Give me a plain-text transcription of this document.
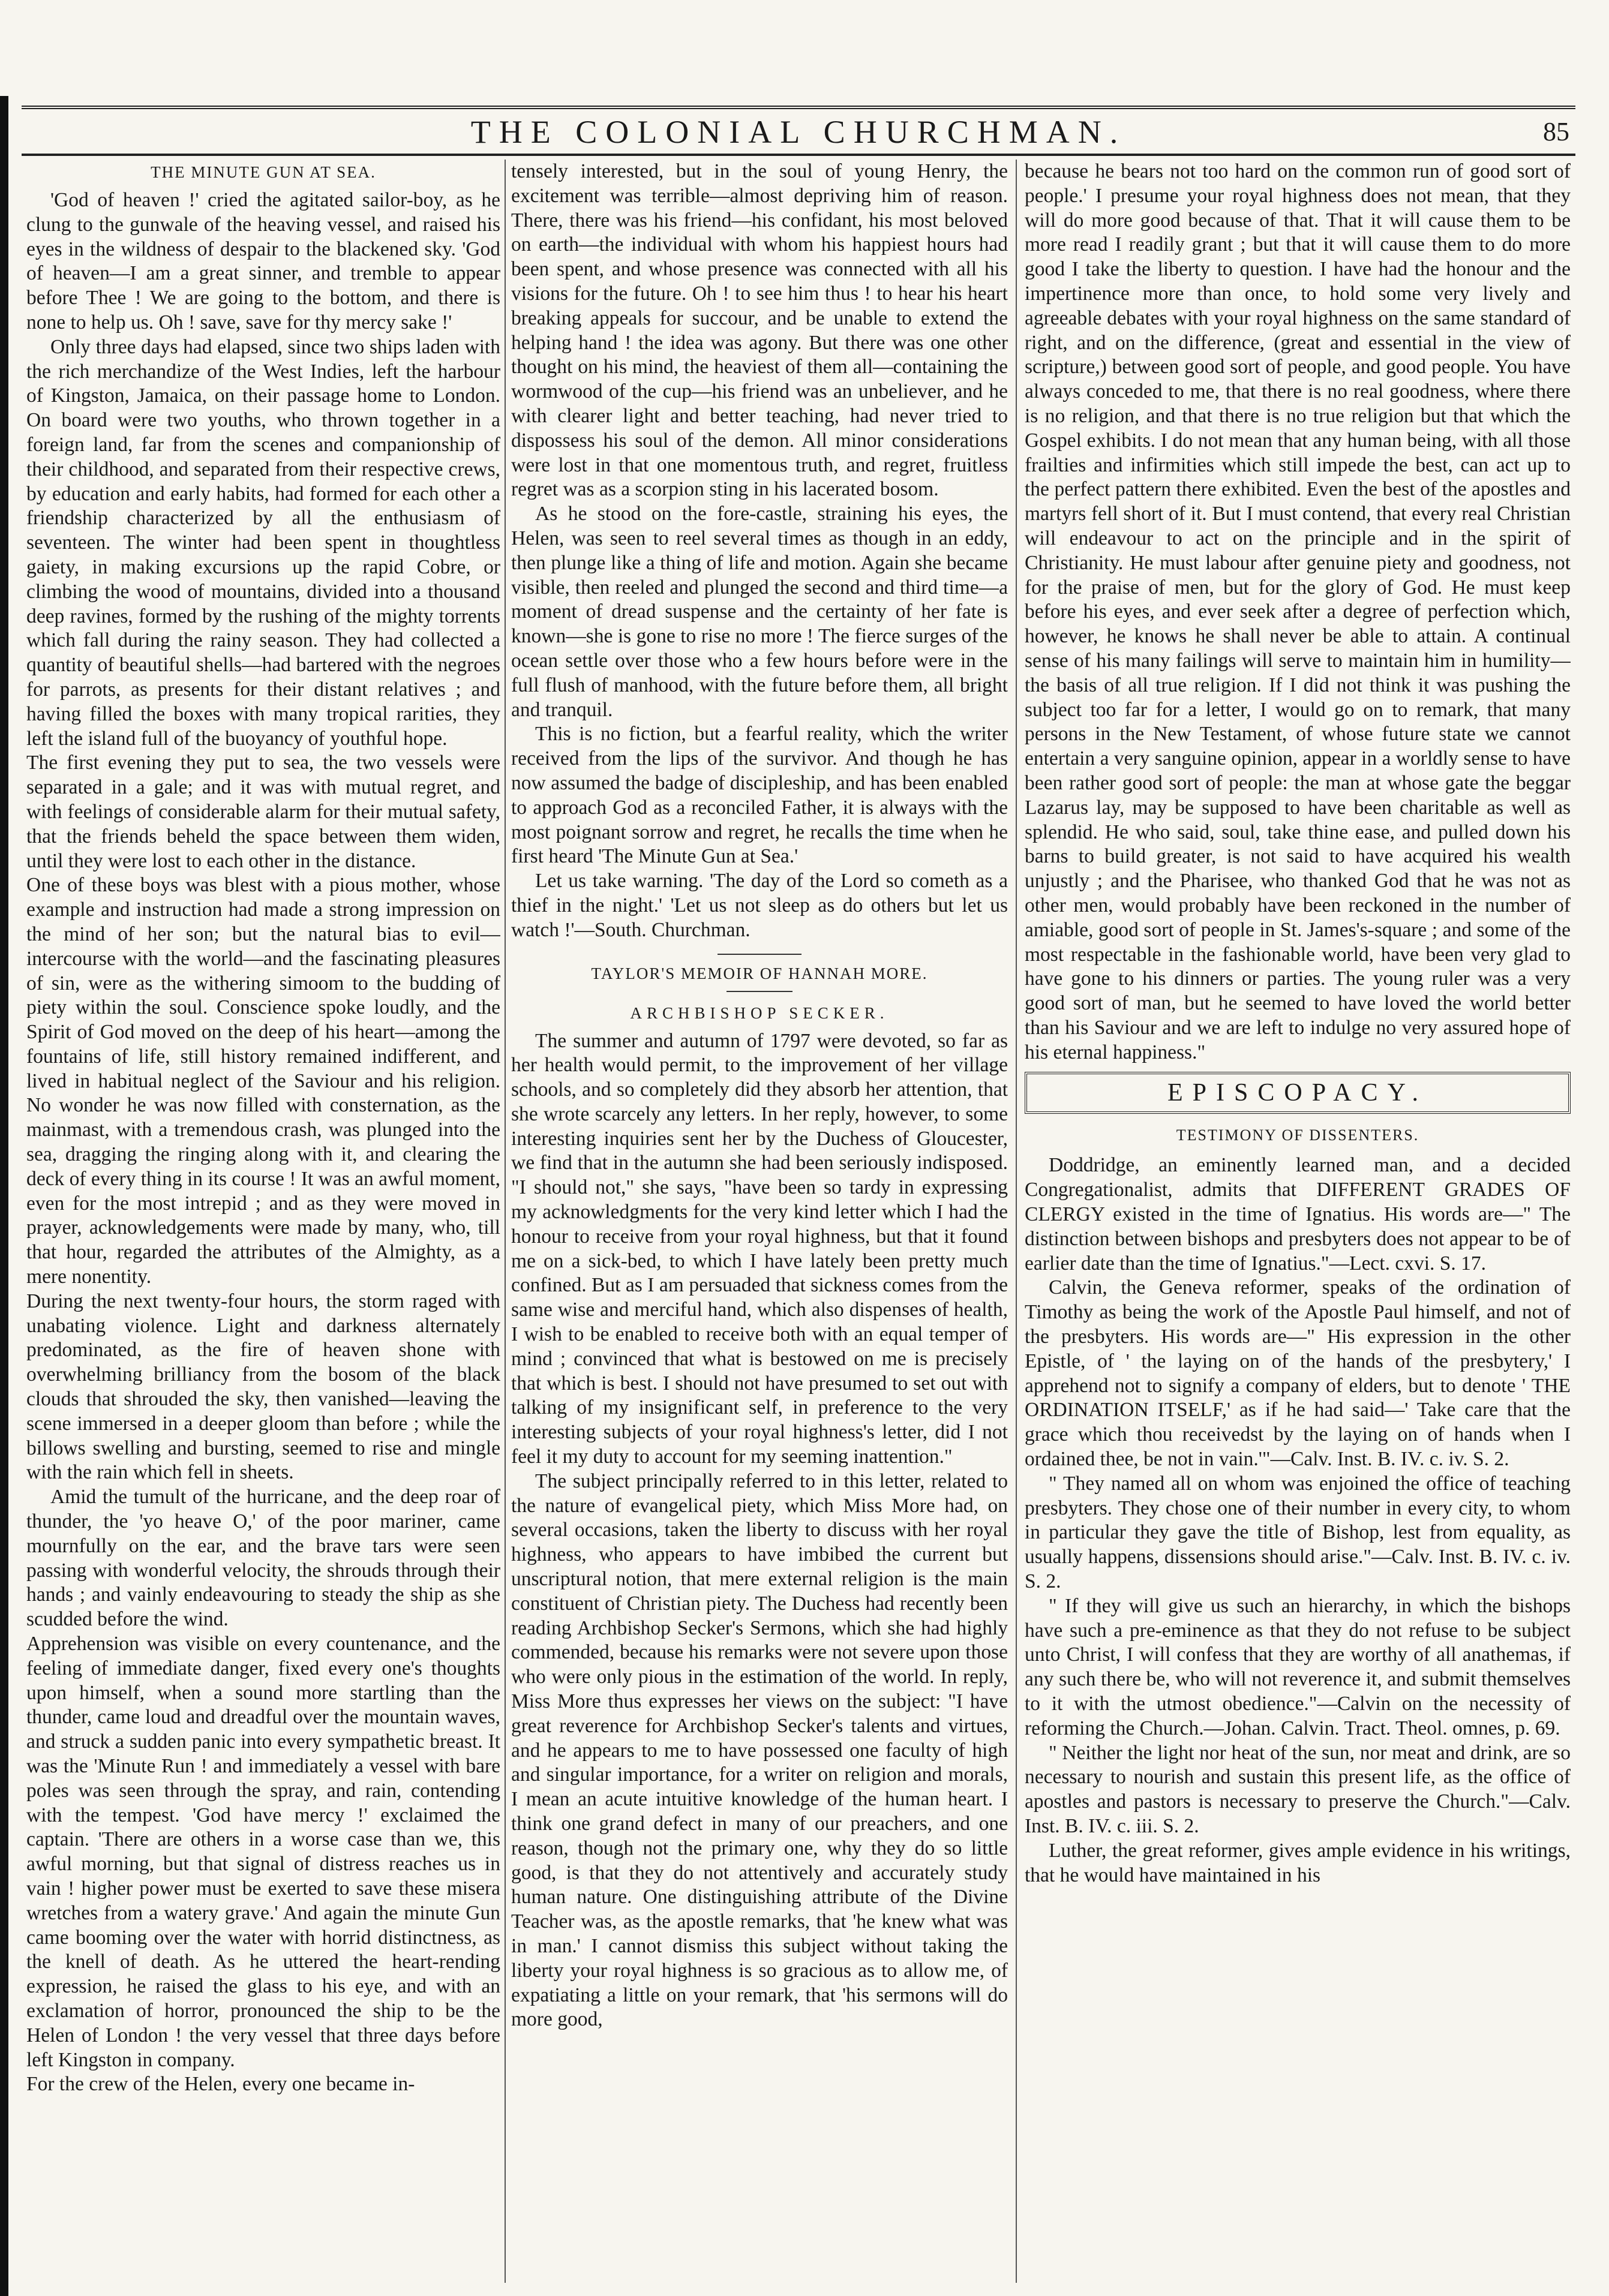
THE COLONIAL CHURCHMAN.	85
THE MINUTE GUN AT SEA.

'God of heaven !' cried the agitated sailor-boy, as he clung to the gunwale of the heaving vessel, and raised his eyes in the wildness of despair to the blackened sky. 'God of heaven—I am a great sinner, and tremble to appear before Thee ! We are going to the bottom, and there is none to help us. Oh ! save, save for thy mercy sake !'

Only three days had elapsed, since two ships laden with the rich merchandize of the West Indies, left the harbour of Kingston, Jamaica, on their passage home to London. On board were two youths, who thrown together in a foreign land, far from the scenes and companionship of their childhood, and separated from their respective crews, by education and early habits, had formed for each other a friendship characterized by all the enthusiasm of seventeen. The winter had been spent in thoughtless gaiety, in making excursions up the rapid Cobre, or climbing the wood of mountains, divided into a thousand deep ravines, formed by the rushing of the mighty torrents which fall during the rainy season. They had collected a quantity of beautiful shells—had bartered with the negroes for parrots, as presents for their distant relatives ; and having filled the boxes with many tropical rarities, they left the island full of the buoyancy of youthful hope.

The first evening they put to sea, the two vessels were separated in a gale; and it was with mutual regret, and with feelings of considerable alarm for their mutual safety, that the friends beheld the space between them widen, until they were lost to each other in the distance.

One of these boys was blest with a pious mother, whose example and instruction had made a strong impression on the mind of her son; but the natural bias to evil—intercourse with the world—and the fascinating pleasures of sin, were as the withering simoom to the budding of piety within the soul. Conscience spoke loudly, and the Spirit of God moved on the deep of his heart—among the fountains of life, still history remained indifferent, and lived in habitual neglect of the Saviour and his religion. No wonder he was now filled with consternation, as the mainmast, with a tremendous crash, was plunged into the sea, dragging the ringing along with it, and clearing the deck of every thing in its course ! It was an awful moment, even for the most intrepid ; and as they were moved in prayer, acknowledgements were made by many, who, till that hour, regarded the attributes of the Almighty, as a mere nonentity.

During the next twenty-four hours, the storm raged with unabating violence. Light and darkness alternately predominated, as the fire of heaven shone with overwhelming brilliancy from the bosom of the black clouds that shrouded the sky, then vanished—leaving the scene immersed in a deeper gloom than before ; while the billows swelling and bursting, seemed to rise and mingle with the rain which fell in sheets.

Amid the tumult of the hurricane, and the deep roar of thunder, the 'yo heave O,' of the poor mariner, came mournfully on the ear, and the brave tars were seen passing with wonderful velocity, the shrouds through their hands ; and vainly endeavouring to steady the ship as she scudded before the wind.

Apprehension was visible on every countenance, and the feeling of immediate danger, fixed every one's thoughts upon himself, when a sound more startling than the thunder, came loud and dreadful over the mountain waves, and struck a sudden panic into every sympathetic breast. It was the 'Minute Run ! and immediately a vessel with bare poles was seen through the spray, and rain, contending with the tempest. 'God have mercy !' exclaimed the captain. 'There are others in a worse case than we, this awful morning, but that signal of distress reaches us in vain ! higher power must be exerted to save these misera wretches from a watery grave.' And again the minute Gun came booming over the water with horrid distinctness, as the knell of death. As he uttered the heart-rending expression, he raised the glass to his eye, and with an exclamation of horror, pronounced the ship to be the Helen of London ! the very vessel that three days before left Kingston in company.

For the crew of the Helen, every one became in-

tensely interested, but in the soul of young Henry, the excitement was terrible—almost depriving him of reason. There, there was his friend—his confidant, his most beloved on earth—the individual with whom his happiest hours had been spent, and whose presence was connected with all his visions for the future. Oh ! to see him thus ! to hear his heart breaking appeals for succour, and be unable to extend the helping hand ! the idea was agony. But there was one other thought on his mind, the heaviest of them all—containing the wormwood of the cup—his friend was an unbeliever, and he with clearer light and better teaching, had never tried to dispossess his soul of the demon. All minor considerations were lost in that one momentous truth, and regret, fruitless regret was as a scorpion sting in his lacerated bosom.

As he stood on the fore-castle, straining his eyes, the Helen, was seen to reel several times as though in an eddy, then plunge like a thing of life and motion. Again she became visible, then reeled and plunged the second and third time—a moment of dread suspense and the certainty of her fate is known—she is gone to rise no more ! The fierce surges of the ocean settle over those who a few hours before were in the full flush of manhood, with the future before them, all bright and tranquil.

This is no fiction, but a fearful reality, which the writer received from the lips of the survivor. And though he has now assumed the badge of discipleship, and has been enabled to approach God as a reconciled Father, it is always with the most poignant sorrow and regret, he recalls the time when he first heard 'The Minute Gun at Sea.'

Let us take warning. 'The day of the Lord so cometh as a thief in the night.' 'Let us not sleep as do others but let us watch !'—South. Churchman.

TAYLOR'S MEMOIR OF HANNAH MORE.
ARCHBISHOP SECKER.

The summer and autumn of 1797 were devoted, so far as her health would permit, to the improvement of her village schools, and so completely did they absorb her attention, that she wrote scarcely any letters. In her reply, however, to some interesting inquiries sent her by the Duchess of Gloucester, we find that in the autumn she had been seriously indisposed. "I should not," she says, "have been so tardy in expressing my acknowledgments for the very kind letter which I had the honour to receive from your royal highness, but that it found me on a sick-bed, to which I have lately been pretty much confined. But as I am persuaded that sickness comes from the same wise and merciful hand, which also dispenses of health, I wish to be enabled to receive both with an equal temper of mind ; convinced that what is bestowed on me is precisely that which is best. I should not have presumed to set out with talking of my insignificant self, in preference to the very interesting subjects of your royal highness's letter, did I not feel it my duty to account for my seeming inattention."

The subject principally referred to in this letter, related to the nature of evangelical piety, which Miss More had, on several occasions, taken the liberty to discuss with her royal highness, who appears to have imbibed the current but unscriptural notion, that mere external religion is the main constituent of Christian piety. The Duchess had recently been reading Archbishop Secker's Sermons, which she had highly commended, because his remarks were not severe upon those who were only pious in the estimation of the world. In reply, Miss More thus expresses her views on the subject: "I have great reverence for Archbishop Secker's talents and virtues, and he appears to me to have possessed one faculty of high and singular importance, for a writer on religion and morals, I mean an acute intuitive knowledge of the human heart. I think one grand defect in many of our preachers, and one reason, though not the primary one, why they do so little good, is that they do not attentively and accurately study human nature. One distinguishing attribute of the Divine Teacher was, as the apostle remarks, that 'he knew what was in man.' I cannot dismiss this subject without taking the liberty your royal highness is so gracious as to allow me, of expatiating a little on your remark, that 'his sermons will do more good,

because he bears not too hard on the common run of good sort of people.' I presume your royal highness does not mean, that they will do more good because of that. That it will cause them to be more read I readily grant ; but that it will cause them to do more good I take the liberty to question. I have had the honour and the impertinence more than once, to hold some very lively and agreeable debates with your royal highness on the same standard of right, and on the difference, (great and essential in the view of scripture,) between good sort of people, and good people. You have always conceded to me, that there is no real goodness, where there is no religion, and that there is no true religion but that which the Gospel exhibits. I do not mean that any human being, with all those frailties and infirmities which still impede the best, can act up to the perfect pattern there exhibited. Even the best of the apostles and martyrs fell short of it. But I must contend, that every real Christian will endeavour to act on the principle and in the spirit of Christianity. He must labour after genuine piety and goodness, not for the praise of men, but for the glory of God. He must keep before his eyes, and ever seek after a degree of perfection which, however, he knows he shall never be able to attain. A continual sense of his many failings will serve to maintain him in humility—the basis of all true religion. If I did not think it was pushing the subject too far for a letter, I would go on to remark, that many persons in the New Testament, of whose future state we cannot entertain a very sanguine opinion, appear in a worldly sense to have been rather good sort of people: the man at whose gate the beggar Lazarus lay, may be supposed to have been charitable as well as splendid. He who said, soul, take thine ease, and pulled down his barns to build greater, is not said to have acquired his wealth unjustly ; and the Pharisee, who thanked God that he was not as other men, would probably have been reckoned in the number of amiable, good sort of people in St. James's-square ; and some of the most respectable in the fashionable world, have been very glad to have gone to his dinners or parties. The young ruler was a very good sort of man, but he seemed to have loved the world better than his Saviour and we are left to indulge no very assured hope of his eternal happiness."

EPISCOPACY.
TESTIMONY OF DISSENTERS.

Doddridge, an eminently learned man, and a decided Congregationalist, admits that DIFFERENT GRADES OF CLERGY existed in the time of Ignatius. His words are—" The distinction between bishops and presbyters does not appear to be of earlier date than the time of Ignatius."—Lect. cxvi. S. 17.

Calvin, the Geneva reformer, speaks of the ordination of Timothy as being the work of the Apostle Paul himself, and not of the presbyters. His words are—" His expression in the other Epistle, of ' the laying on of the hands of the presbytery,' I apprehend not to signify a company of elders, but to denote ' THE ORDINATION ITSELF,' as if he had said—' Take care that the grace which thou receivedst by the laying on of hands when I ordained thee, be not in vain.'"—Calv. Inst. B. IV. c. iv. S. 2.

" They named all on whom was enjoined the office of teaching presbyters. They chose one of their number in every city, to whom in particular they gave the title of Bishop, lest from equality, as usually happens, dissensions should arise."—Calv. Inst. B. IV. c. iv. S. 2.

" If they will give us such an hierarchy, in which the bishops have such a pre-eminence as that they do not refuse to be subject unto Christ, I will confess that they are worthy of all anathemas, if any such there be, who will not reverence it, and submit themselves to it with the utmost obedience."—Calvin on the necessity of reforming the Church.—Johan. Calvin. Tract. Theol. omnes, p. 69.

" Neither the light nor heat of the sun, nor meat and drink, are so necessary to nourish and sustain this present life, as the office of apostles and pastors is necessary to preserve the Church."—Calv. Inst. B. IV. c. iii. S. 2.

Luther, the great reformer, gives ample evidence in his writings, that he would have maintained in his
